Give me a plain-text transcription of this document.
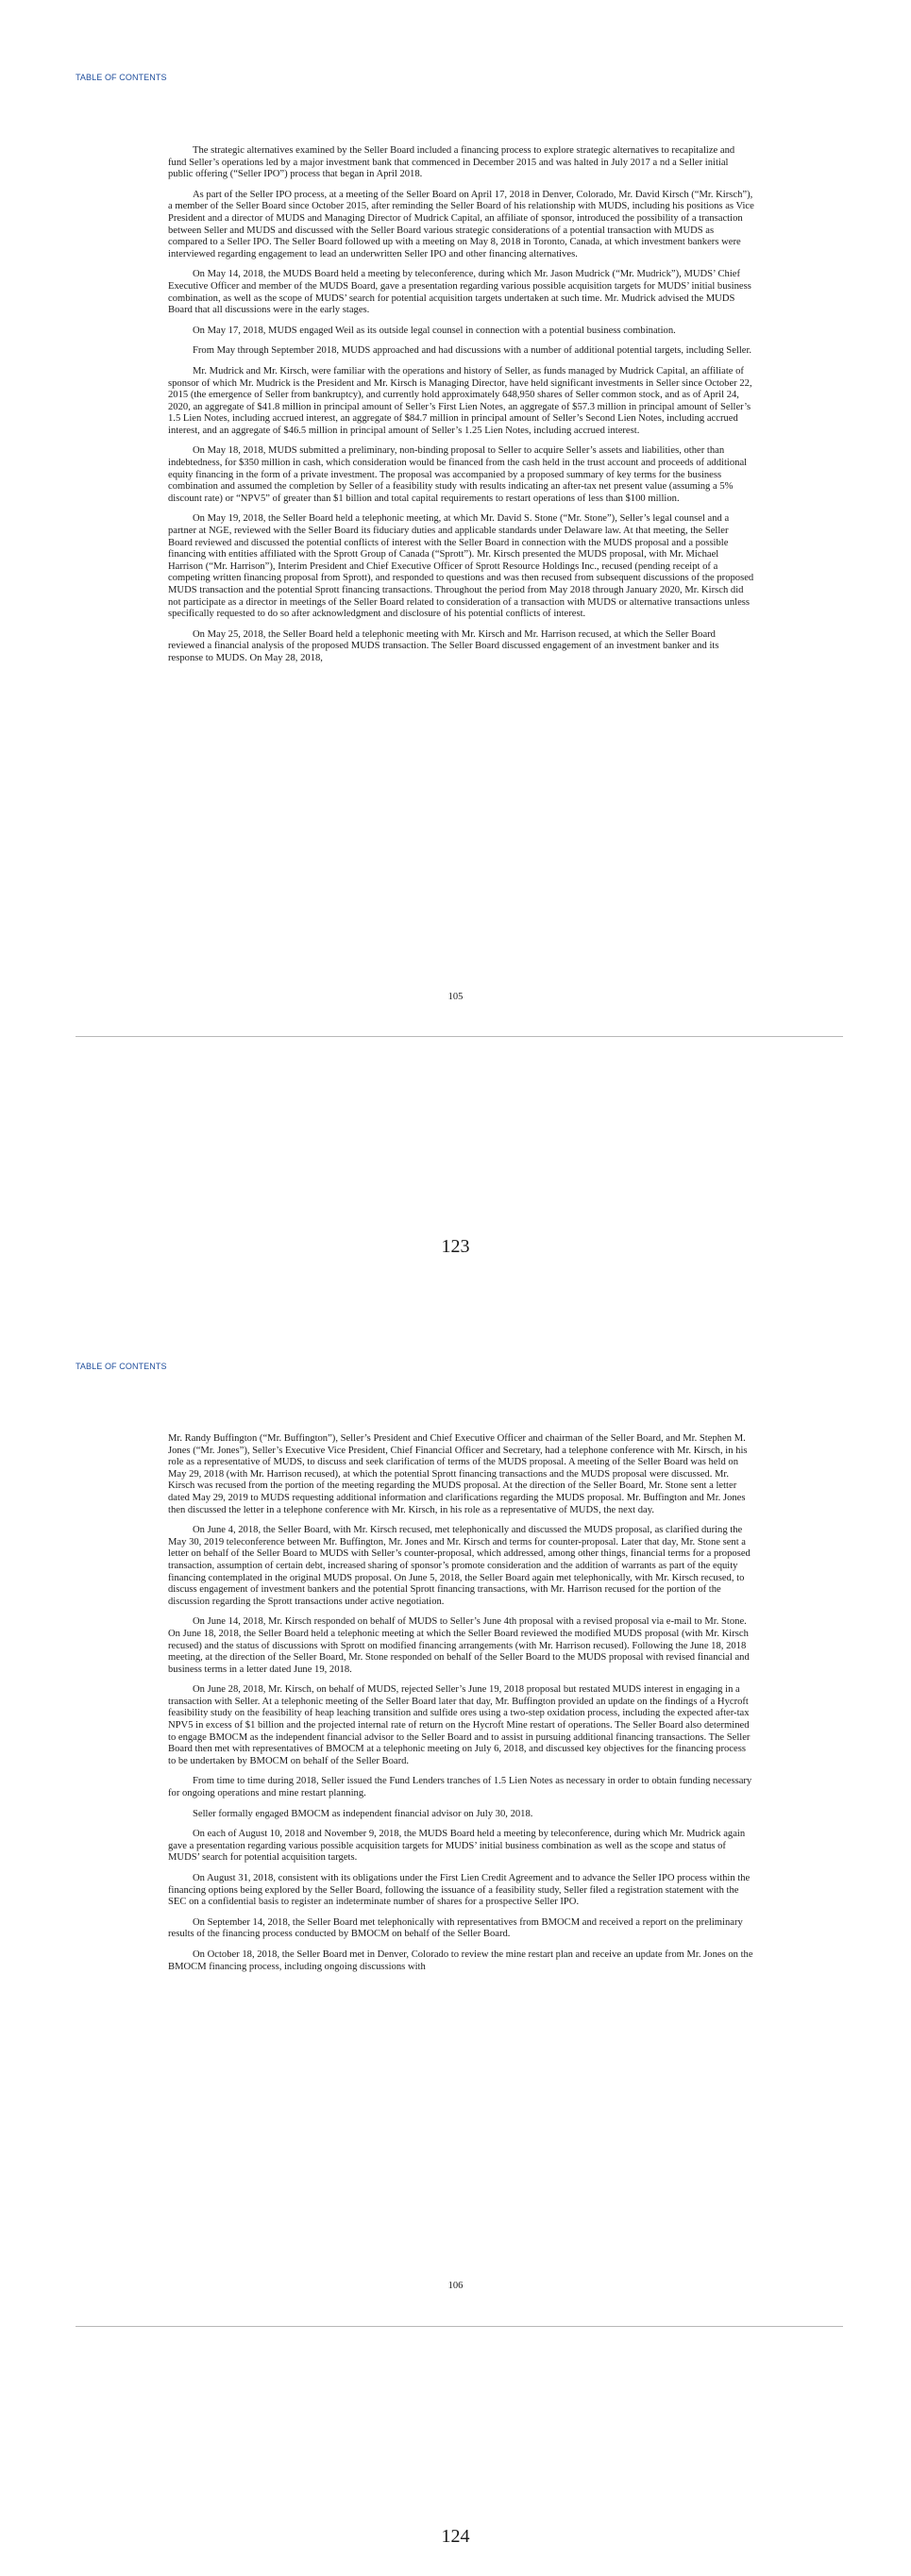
TABLE OF CONTENTS

The strategic alternatives examined by the Seller Board included a financing process to explore strategic alternatives to recapitalize and fund Seller’s operations led by a major investment bank that commenced in December 2015 and was halted in July 2017 a nd a Seller initial public offering (“Seller IPO”) process that began in April 2018.

As part of the Seller IPO process, at a meeting of the Seller Board on April 17, 2018 in Denver, Colorado, Mr. David Kirsch (“Mr. Kirsch”), a member of the Seller Board since October 2015, after reminding the Seller Board of his relationship with MUDS, including his positions as Vice President and a director of MUDS and Managing Director of Mudrick Capital, an affiliate of sponsor, introduced the possibility of a transaction between Seller and MUDS and discussed with the Seller Board various strategic considerations of a potential transaction with MUDS as compared to a Seller IPO. The Seller Board followed up with a meeting on May 8, 2018 in Toronto, Canada, at which investment bankers were interviewed regarding engagement to lead an underwritten Seller IPO and other financing alternatives.

On May 14, 2018, the MUDS Board held a meeting by teleconference, during which Mr. Jason Mudrick (“Mr. Mudrick”), MUDS’ Chief Executive Officer and member of the MUDS Board, gave a presentation regarding various possible acquisition targets for MUDS’ initial business combination, as well as the scope of MUDS’ search for potential acquisition targets undertaken at such time. Mr. Mudrick advised the MUDS Board that all discussions were in the early stages.

On May 17, 2018, MUDS engaged Weil as its outside legal counsel in connection with a potential business combination.

From May through September 2018, MUDS approached and had discussions with a number of additional potential targets, including Seller.

Mr. Mudrick and Mr. Kirsch, were familiar with the operations and history of Seller, as funds managed by Mudrick Capital, an affiliate of sponsor of which Mr. Mudrick is the President and Mr. Kirsch is Managing Director, have held significant investments in Seller since October 22, 2015 (the emergence of Seller from bankruptcy), and currently hold approximately 648,950 shares of Seller common stock, and as of April 24, 2020, an aggregate of $41.8 million in principal amount of Seller’s First Lien Notes, an aggregate of $57.3 million in principal amount of Seller’s 1.5 Lien Notes, including accrued interest, an aggregate of $84.7 million in principal amount of Seller’s Second Lien Notes, including accrued interest, and an aggregate of $46.5 million in principal amount of Seller’s 1.25 Lien Notes, including accrued interest.

On May 18, 2018, MUDS submitted a preliminary, non-binding proposal to Seller to acquire Seller’s assets and liabilities, other than indebtedness, for $350 million in cash, which consideration would be financed from the cash held in the trust account and proceeds of additional equity financing in the form of a private investment. The proposal was accompanied by a proposed summary of key terms for the business combination and assumed the completion by Seller of a feasibility study with results indicating an after-tax net present value (assuming a 5% discount rate) or “NPV5” of greater than $1 billion and total capital requirements to restart operations of less than $100 million.

On May 19, 2018, the Seller Board held a telephonic meeting, at which Mr. David S. Stone (“Mr. Stone”), Seller’s legal counsel and a partner at NGE, reviewed with the Seller Board its fiduciary duties and applicable standards under Delaware law. At that meeting, the Seller Board reviewed and discussed the potential conflicts of interest with the Seller Board in connection with the MUDS proposal and a possible financing with entities affiliated with the Sprott Group of Canada (“Sprott”). Mr. Kirsch presented the MUDS proposal, with Mr. Michael Harrison (“Mr. Harrison”), Interim President and Chief Executive Officer of Sprott Resource Holdings Inc., recused (pending receipt of a competing written financing proposal from Sprott), and responded to questions and was then recused from subsequent discussions of the proposed MUDS transaction and the potential Sprott financing transactions. Throughout the period from May 2018 through January 2020, Mr. Kirsch did not participate as a director in meetings of the Seller Board related to consideration of a transaction with MUDS or alternative transactions unless specifically requested to do so after acknowledgment and disclosure of his potential conflicts of interest.

On May 25, 2018, the Seller Board held a telephonic meeting with Mr. Kirsch and Mr. Harrison recused, at which the Seller Board reviewed a financial analysis of the proposed MUDS transaction. The Seller Board discussed engagement of an investment banker and its response to MUDS. On May 28, 2018,

105
123
TABLE OF CONTENTS

Mr. Randy Buffington (“Mr. Buffington”), Seller’s President and Chief Executive Officer and chairman of the Seller Board, and Mr. Stephen M. Jones (“Mr. Jones”), Seller’s Executive Vice President, Chief Financial Officer and Secretary, had a telephone conference with Mr. Kirsch, in his role as a representative of MUDS, to discuss and seek clarification of terms of the MUDS proposal. A meeting of the Seller Board was held on May 29, 2018 (with Mr. Harrison recused), at which the potential Sprott financing transactions and the MUDS proposal were discussed. Mr. Kirsch was recused from the portion of the meeting regarding the MUDS proposal. At the direction of the Seller Board, Mr. Stone sent a letter dated May 29, 2019 to MUDS requesting additional information and clarifications regarding the MUDS proposal. Mr. Buffington and Mr. Jones then discussed the letter in a telephone conference with Mr. Kirsch, in his role as a representative of MUDS, the next day.

On June 4, 2018, the Seller Board, with Mr. Kirsch recused, met telephonically and discussed the MUDS proposal, as clarified during the May 30, 2019 teleconference between Mr. Buffington, Mr. Jones and Mr. Kirsch and terms for counter-proposal. Later that day, Mr. Stone sent a letter on behalf of the Seller Board to MUDS with Seller’s counter-proposal, which addressed, among other things, financial terms for a proposed transaction, assumption of certain debt, increased sharing of sponsor’s promote consideration and the addition of warrants as part of the equity financing contemplated in the original MUDS proposal. On June 5, 2018, the Seller Board again met telephonically, with Mr. Kirsch recused, to discuss engagement of investment bankers and the potential Sprott financing transactions, with Mr. Harrison recused for the portion of the discussion regarding the Sprott transactions under active negotiation.

On June 14, 2018, Mr. Kirsch responded on behalf of MUDS to Seller’s June 4th proposal with a revised proposal via e-mail to Mr. Stone. On June 18, 2018, the Seller Board held a telephonic meeting at which the Seller Board reviewed the modified MUDS proposal (with Mr. Kirsch recused) and the status of discussions with Sprott on modified financing arrangements (with Mr. Harrison recused). Following the June 18, 2018 meeting, at the direction of the Seller Board, Mr. Stone responded on behalf of the Seller Board to the MUDS proposal with revised financial and business terms in a letter dated June 19, 2018.

On June 28, 2018, Mr. Kirsch, on behalf of MUDS, rejected Seller’s June 19, 2018 proposal but restated MUDS interest in engaging in a transaction with Seller. At a telephonic meeting of the Seller Board later that day, Mr. Buffington provided an update on the findings of a Hycroft feasibility study on the feasibility of heap leaching transition and sulfide ores using a two-step oxidation process, including the expected after-tax NPV5 in excess of $1 billion and the projected internal rate of return on the Hycroft Mine restart of operations. The Seller Board also determined to engage BMOCM as the independent financial advisor to the Seller Board and to assist in pursuing additional financing transactions. The Seller Board then met with representatives of BMOCM at a telephonic meeting on July 6, 2018, and discussed key objectives for the financing process to be undertaken by BMOCM on behalf of the Seller Board.

From time to time during 2018, Seller issued the Fund Lenders tranches of 1.5 Lien Notes as necessary in order to obtain funding necessary for ongoing operations and mine restart planning.

Seller formally engaged BMOCM as independent financial advisor on July 30, 2018.

On each of August 10, 2018 and November 9, 2018, the MUDS Board held a meeting by teleconference, during which Mr. Mudrick again gave a presentation regarding various possible acquisition targets for MUDS’ initial business combination as well as the scope and status of MUDS’ search for potential acquisition targets.

On August 31, 2018, consistent with its obligations under the First Lien Credit Agreement and to advance the Seller IPO process within the financing options being explored by the Seller Board, following the issuance of a feasibility study, Seller filed a registration statement with the SEC on a confidential basis to register an indeterminate number of shares for a prospective Seller IPO.

On September 14, 2018, the Seller Board met telephonically with representatives from BMOCM and received a report on the preliminary results of the financing process conducted by BMOCM on behalf of the Seller Board.

On October 18, 2018, the Seller Board met in Denver, Colorado to review the mine restart plan and receive an update from Mr. Jones on the BMOCM financing process, including ongoing discussions with

106
124
